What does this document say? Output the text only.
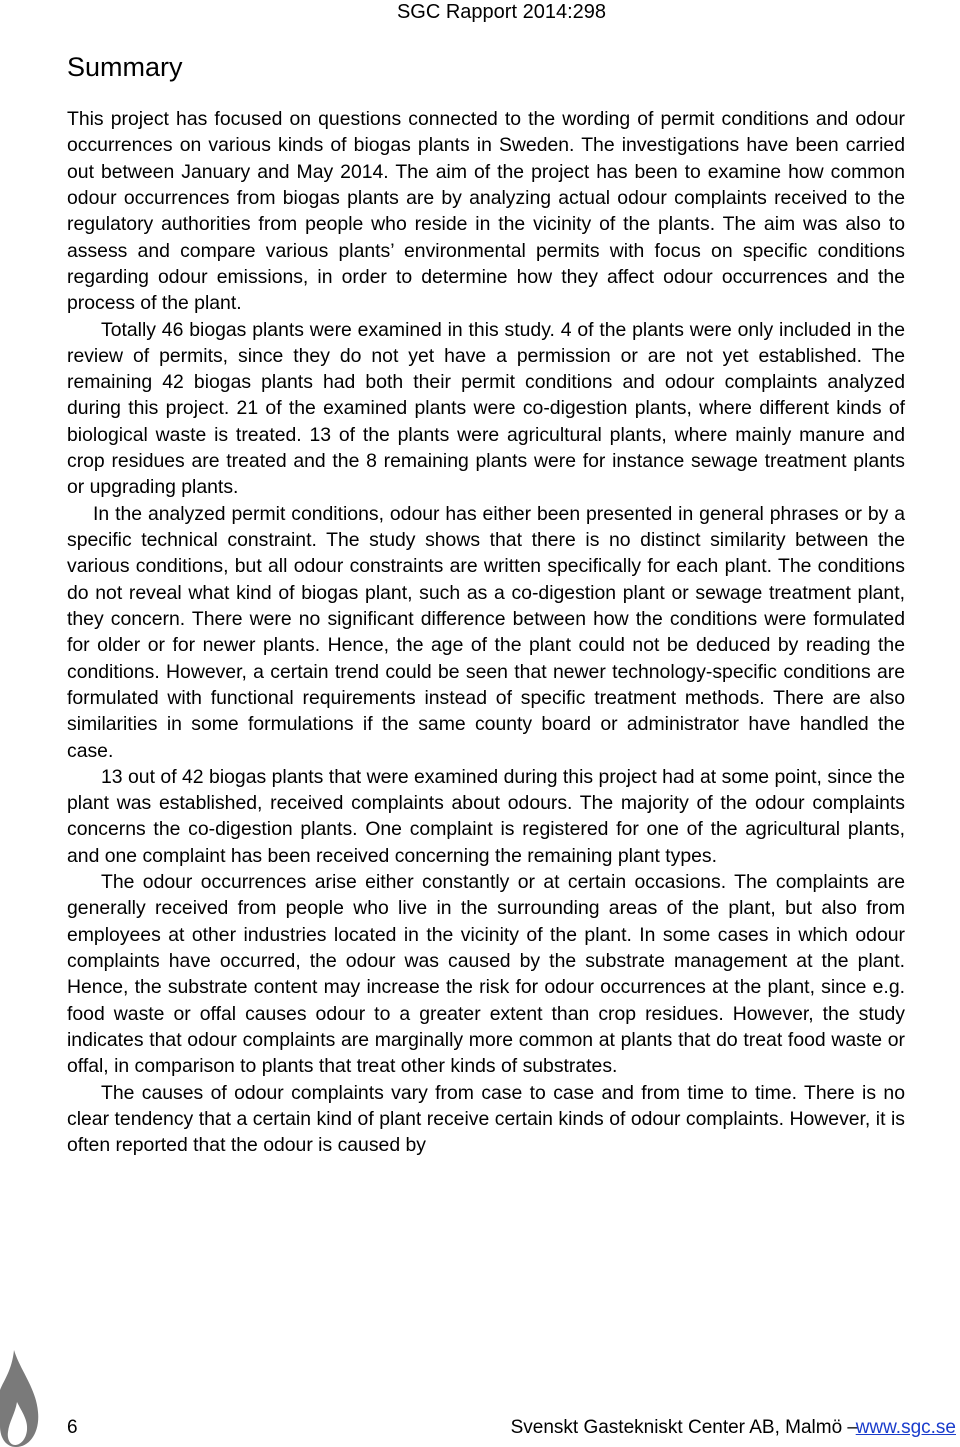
SGC Rapport 2014:298
Summary

This project has focused on questions connected to the wording of permit conditions and odour occurrences on various kinds of biogas plants in Sweden. The investigations have been carried out between January and May 2014. The aim of the project has been to examine how common odour occurrences from biogas plants are by analyzing actual odour complaints received to the regulatory authorities from people who reside in the vicinity of the plants. The aim was also to assess and compare various plants’ environmental permits with focus on specific conditions regarding odour emissions, in order to determine how they affect odour occurrences and the process of the plant.

Totally 46 biogas plants were examined in this study. 4 of the plants were only included in the review of permits, since they do not yet have a permission or are not yet established. The remaining 42 biogas plants had both their permit conditions and odour complaints analyzed during this project. 21 of the examined plants were co-digestion plants, where different kinds of biological waste is treated. 13 of the plants were agricultural plants, where mainly manure and crop residues are treated and the 8 remaining plants were for instance sewage treatment plants or upgrading plants.

In the analyzed permit conditions, odour has either been presented in general phrases or by a specific technical constraint. The study shows that there is no distinct similarity between the various conditions, but all odour constraints are written specifically for each plant. The conditions do not reveal what kind of biogas plant, such as a co-digestion plant or sewage treatment plant, they concern. There were no significant difference between how the conditions were formulated for older or for newer plants. Hence, the age of the plant could not be deduced by reading the conditions. However, a certain trend could be seen that newer technology-specific conditions are formulated with functional requirements instead of specific treatment methods. There are also similarities in some formulations if the same county board or administrator have handled the case.

13 out of 42 biogas plants that were examined during this project had at some point, since the plant was established, received complaints about odours. The majority of the odour complaints concerns the co-digestion plants. One complaint is registered for one of the agricultural plants, and one complaint has been received concerning the remaining plant types.

The odour occurrences arise either constantly or at certain occasions. The complaints are generally received from people who live in the surrounding areas of the plant, but also from employees at other industries located in the vicinity of the plant. In some cases in which odour complaints have occurred, the odour was caused by the substrate management at the plant. Hence, the substrate content may increase the risk for odour occurrences at the plant, since e.g. food waste or offal causes odour to a greater extent than crop residues. However, the study indicates that odour complaints are marginally more common at plants that do treat food waste or offal, in comparison to plants that treat other kinds of substrates.

The causes of odour complaints vary from case to case and from time to time. There is no clear tendency that a certain kind of plant receive certain kinds of odour complaints. However, it is often reported that the odour is caused by

6	Svenskt Gastekniskt Center AB, Malmö –
www.sgc.se
